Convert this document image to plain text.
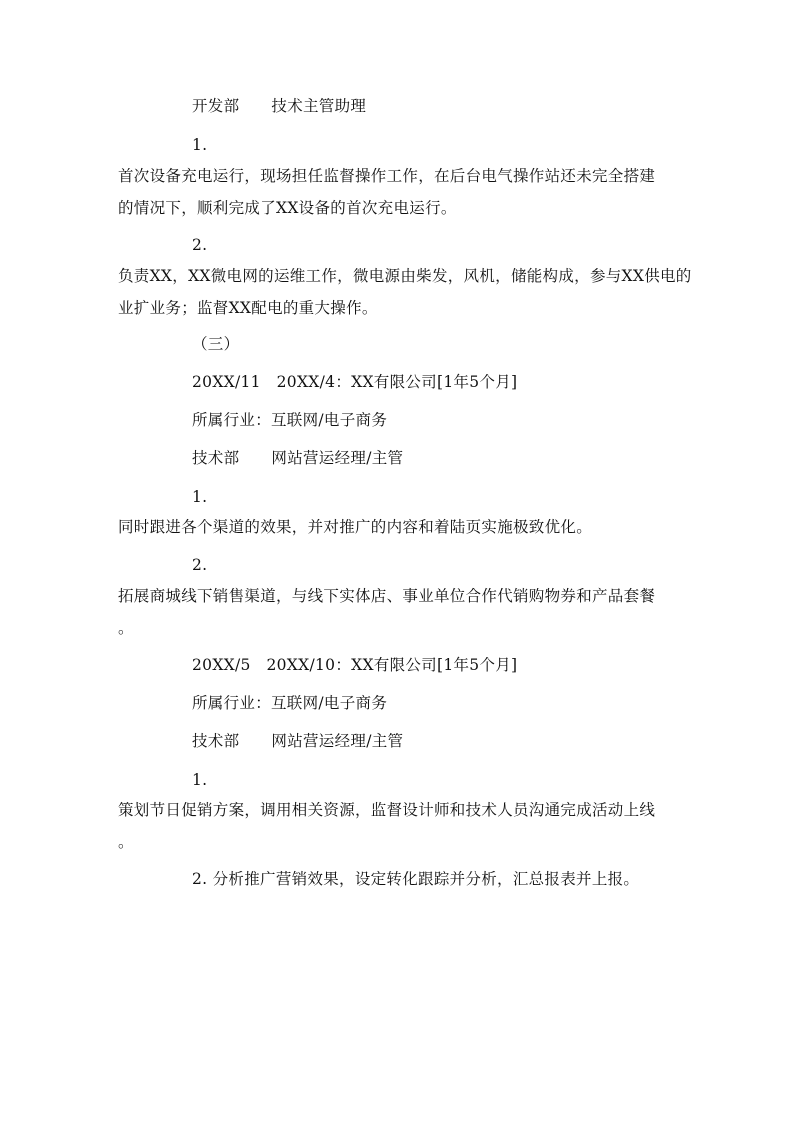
开发部 技术主管助理
1.
首次设备充电运行，现场担任监督操作工作，在后台电气操作站还未完全搭建
的情况下，顺利完成了XX设备的首次充电运行。
2.
负责XX，XX微电网的运维工作，微电源由柴发，风机，储能构成，参与XX供电的
业扩业务；监督XX配电的重大操作。
（三）
20XX/11　20XX/4：XX有限公司[1年5个月]
所属行业：互联网/电子商务
技术部 网站营运经理/主管
1.
同时跟进各个渠道的效果，并对推广的内容和着陆页实施极致优化。
2.
拓展商城线下销售渠道，与线下实体店、事业单位合作代销购物券和产品套餐
。
20XX/5　20XX/10：XX有限公司[1年5个月]
所属行业：互联网/电子商务
技术部 网站营运经理/主管
1.
策划节日促销方案，调用相关资源，监督设计师和技术人员沟通完成活动上线
。
2. 分析推广营销效果，设定转化跟踪并分析，汇总报表并上报。
